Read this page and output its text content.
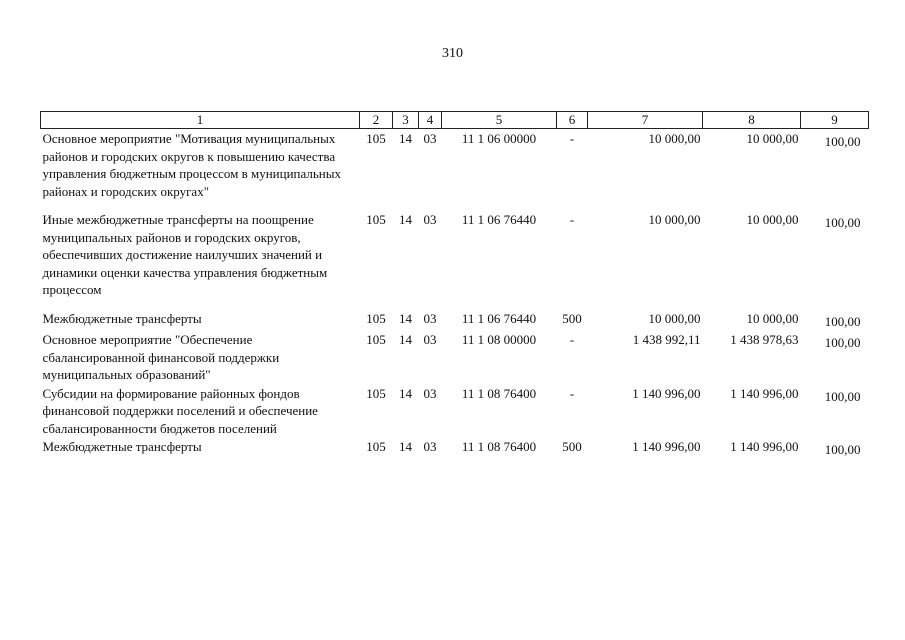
310
1	2	3	4	5	6	7	8	9
Основное мероприятие "Мотивация муниципальных районов и городских округов к повышению качества управления бюджетным процессом в муниципальных районах и городских округах"	105	14	03	11 1 06 00000	-	10 000,00	10 000,00	100,00
Иные межбюджетные трансферты на поощрение муниципальных районов и городских округов, обеспечивших достижение наилучших значений и динамики оценки качества управления бюджетным процессом	105	14	03	11 1 06 76440	-	10 000,00	10 000,00	100,00
Межбюджетные трансферты	105	14	03	11 1 06 76440	500	10 000,00	10 000,00	100,00
Основное мероприятие "Обеспечение сбалансированной финансовой поддержки муниципальных образований"	105	14	03	11 1 08 00000	-	1 438 992,11	1 438 978,63	100,00
Субсидии на формирование районных фондов финансовой поддержки поселений и обеспечение сбалансированности бюджетов поселений	105	14	03	11 1 08 76400	-	1 140 996,00	1 140 996,00	100,00
Межбюджетные трансферты	105	14	03	11 1 08 76400	500	1 140 996,00	1 140 996,00	100,00
